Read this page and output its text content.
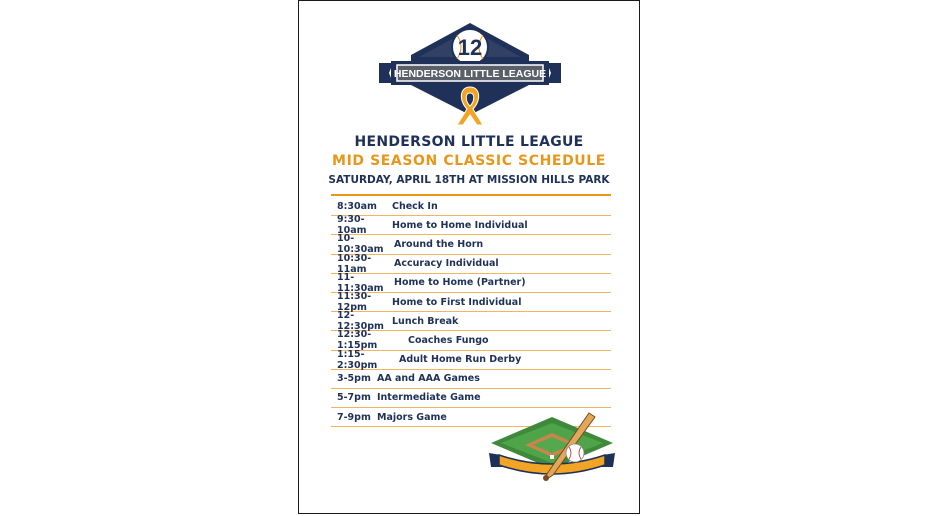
12
HENDERSON LITTLE LEAGUE
HENDERSON LITTLE LEAGUE
MID SEASON CLASSIC SCHEDULE
SATURDAY, APRIL 18TH AT MISSION HILLS PARK
8:30am	Check In
9:30-10am	Home to Home Individual
10-10:30am	Around the Horn
10:30-11am	Accuracy Individual
11-11:30am	Home to Home (Partner)
11:30-12pm	Home to First Individual
12-12:30pm Lunch Break
12:30-1:15pm	Coaches Fungo
1:15-2:30pm	Adult Home Run Derby
3-5pm AA and AAA Games
5-7pm Intermediate Game
7-9pm Majors Game
